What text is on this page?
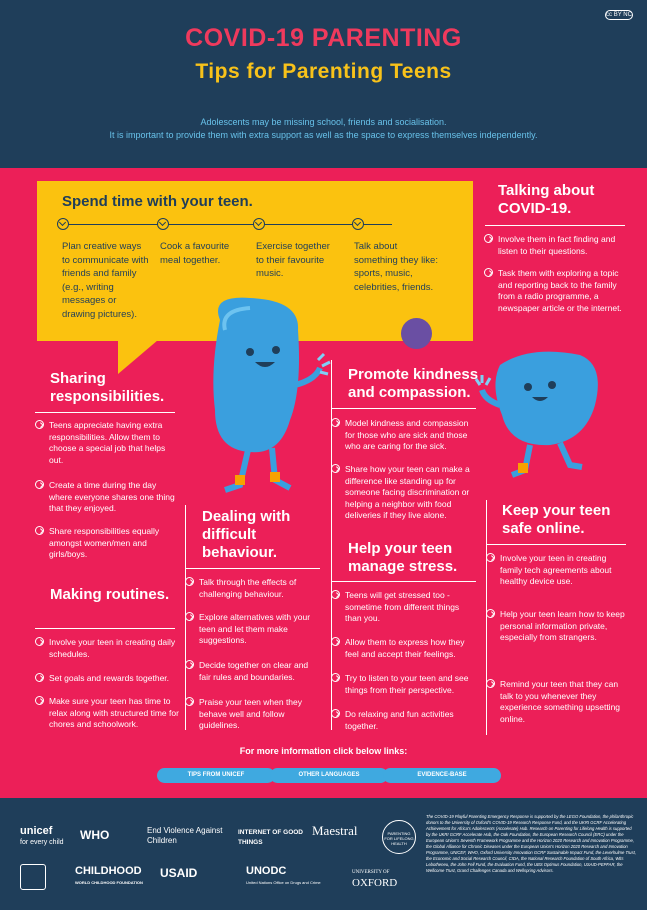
cc BY NC
COVID-19 PARENTING
Tips for Parenting Teens
Adolescents may be missing school, friends and socialisation.
It is important to provide them with extra support as well as the space to express themselves independently.
Spend time with your teen.
Plan creative ways to communicate with friends and family (e.g., writing messages or drawing pictures).
Cook a favourite meal together.
Exercise together to their favourite music.
Talk about something they like: sports, music, celebrities, friends.
Talking about COVID-19.
Involve them in fact finding and listen to their questions.
Task them with exploring a topic and reporting back to the family from a radio programme, a newspaper article or the internet.
Sharing responsibilities.
Teens appreciate having extra responsibilities. Allow them to choose a special job that helps out.
Create a time during the day where everyone shares one thing that they enjoyed.
Share responsibilities equally amongst women/men and girls/boys.
Making routines.
Involve your teen in creating daily schedules.
Set goals and rewards together.
Make sure your teen has time to relax along with structured time for chores and schoolwork.
Dealing with difficult behaviour.
Talk through the effects of challenging behaviour.
Explore alternatives with your teen and let them make suggestions.
Decide together on clear and fair rules and boundaries.
Praise your teen when they behave well and follow guidelines.
Promote kindness and compassion.
Model kindness and compassion for those who are sick and those who are caring for the sick.
Share how your teen can make a difference like standing up for someone facing discrimination or helping a neighbor with food deliveries if they live alone.
Help your teen manage stress.
Teens will get stressed too - sometime from different things than you.
Allow them to express how they feel and accept their feelings.
Try to listen to your teen and see things from their perspective.
Do relaxing and fun activities together.
Keep your teen safe online.
Involve your teen in creating family tech agreements about healthy device use.
Help your teen learn how to keep personal information private, especially from strangers.
Remind your teen that they can talk to you whenever they experience something upsetting online.
For more information click below links:
TIPS FROM UNICEF	OTHER LANGUAGES	EVIDENCE-BASE
unicef
for every child
WHO	End Violence Against Children
INTERNET OF GOOD THINGS
Maestral	PARENTING FOR LIFELONG HEALTH
CHILDHOOD
WORLD CHILDHOOD FOUNDATION
USAID	UNODC
United Nations Office on Drugs and Crime
UNIVERSITY OF
OXFORD
The COVID-19 Playful Parenting Emergency Response is supported by the LEGO Foundation, the philanthropic donors to the University of Oxford's COVID-19 Research Response Fund, and the UKRI GCRF Accelerating Achievement for Africa's Adolescents (Accelerate) Hub. Research on Parenting for Lifelong Health is supported by the UKRI GCRF Accelerate Hub, the Oak Foundation, the European Research Council (ERC) under the European Union's Seventh Framework Programme and the Horizon 2020 Research and Innovation Programme, the Global Alliance for Chronic Diseases under the European Union's Horizon 2020 Research and Innovation Programme, UNICEF, WHO, Oxford University Innovation GCRF Sustainable Impact Fund, the Leverhulme Trust, the Economic and Social Research Council, CIDA, the National Research Foundation of South Africa, Wits Lebotheneu, the John Fell Fund, the Evaluation Fund, the UBS Optimus Foundation, USAID-PEPFAR, the Wellcome Trust, Grand Challenges Canada and Wellspring Advisors.
